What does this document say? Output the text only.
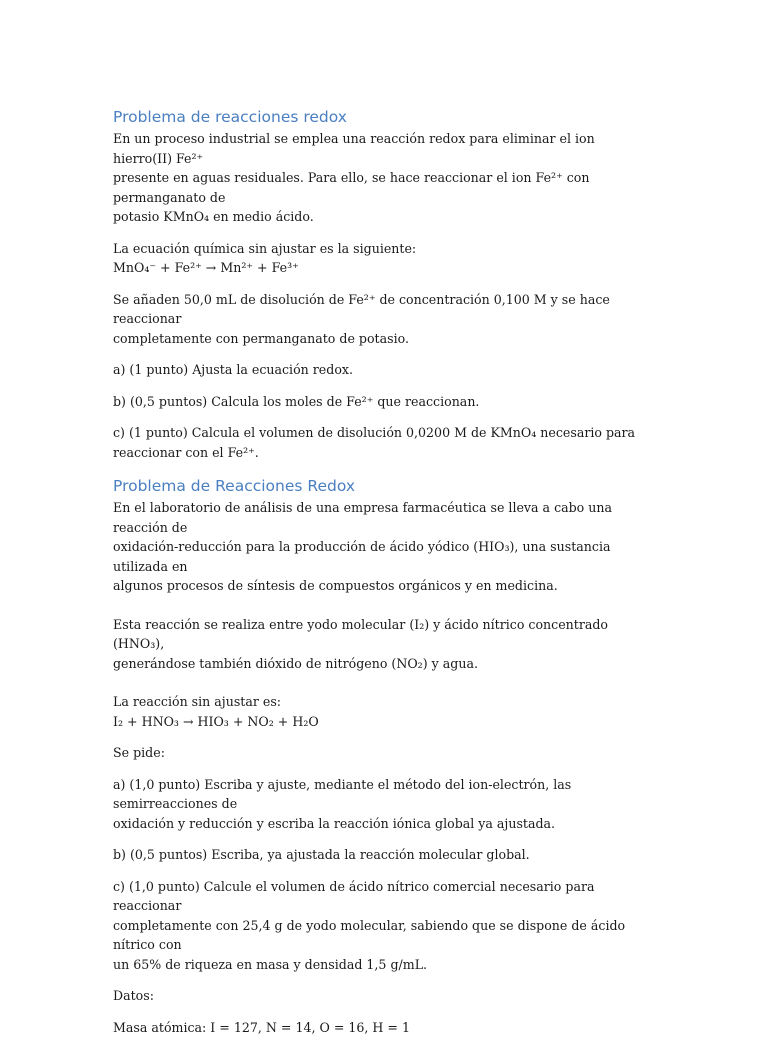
Problema de reacciones redox

En un proceso industrial se emplea una reacción redox para eliminar el ion hierro(II) Fe²⁺
presente en aguas residuales. Para ello, se hace reaccionar el ion Fe²⁺ con permanganato de
potasio KMnO₄ en medio ácido.

La ecuación química sin ajustar es la siguiente:

MnO₄⁻ + Fe²⁺ → Mn²⁺ + Fe³⁺

Se añaden 50,0 mL de disolución de Fe²⁺ de concentración 0,100 M y se hace reaccionar
completamente con permanganato de potasio.

a) (1 punto) Ajusta la ecuación redox.

b) (0,5 puntos) Calcula los moles de Fe²⁺ que reaccionan.

c) (1 punto) Calcula el volumen de disolución 0,0200 M de KMnO₄ necesario para
reaccionar con el Fe²⁺.

Problema de Reacciones Redox

En el laboratorio de análisis de una empresa farmacéutica se lleva a cabo una reacción de
oxidación-reducción para la producción de ácido yódico (HIO₃), una sustancia utilizada en
algunos procesos de síntesis de compuestos orgánicos y en medicina.

Esta reacción se realiza entre yodo molecular (I₂) y ácido nítrico concentrado (HNO₃),
generándose también dióxido de nitrógeno (NO₂) y agua.

La reacción sin ajustar es:

I₂ + HNO₃ → HIO₃ + NO₂ + H₂O

Se pide:

a) (1,0 punto) Escriba y ajuste, mediante el método del ion-electrón, las semirreacciones de
oxidación y reducción y escriba la reacción iónica global ya ajustada.

b) (0,5 puntos) Escriba, ya ajustada la reacción molecular global.

c) (1,0 punto) Calcule el volumen de ácido nítrico comercial necesario para reaccionar
completamente con 25,4 g de yodo molecular, sabiendo que se dispone de ácido nítrico con
un 65% de riqueza en masa y densidad 1,5 g/mL.

Datos:

Masa atómica: I = 127, N = 14, O = 16, H = 1
